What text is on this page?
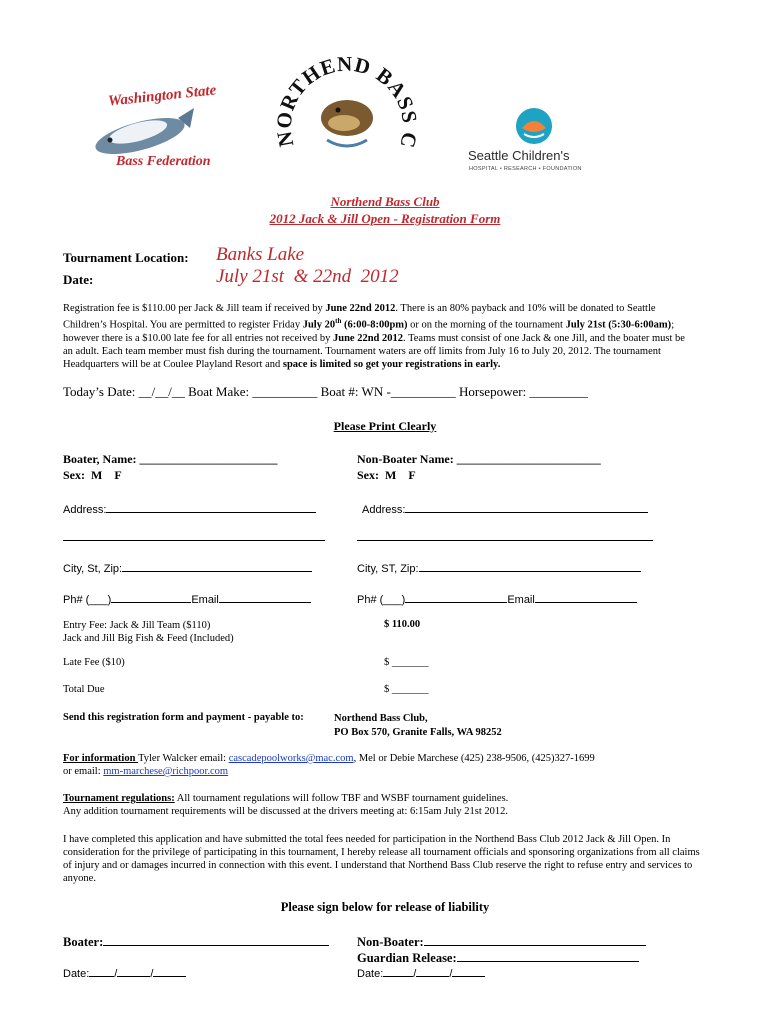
Washington State
Bass Federation
NORTHEND BASS C
Seattle Children's
HOSPITAL • RESEARCH • FOUNDATION
Northend Bass Club
2012 Jack & Jill Open - Registration Form
Tournament Location: Banks Lake
Date:	July 21st  & 22nd  2012
Registration fee is $110.00 per Jack & Jill team if received by June 22nd 2012. There is an 80% payback and 10% will be donated to Seattle Children’s Hospital. You are permitted to register Friday July 20th (6:00-8:00pm) or on the morning of the tournament July 21st (5:30-6:00am); however there is a $10.00 late fee for all entries not received by June 22nd 2012. Teams must consist of one Jack & one Jill, and the boater must be an adult. Each team member must fish during the tournament. Tournament waters are off limits from July 16 to July 20, 2012. The tournament Headquarters will be at Coulee Playland Resort and space is limited so get your registrations in early.
Today’s Date: __/__/__ Boat Make: __________ Boat #: WN -__________ Horsepower: _________
Please Print Clearly
Boater, Name: _______________________
Sex:  M    F
Address:
City, St, Zip:
Ph# (___)	Email
Non-Boater Name: ________________________
Sex:  M    F
Address:
City, ST, Zip:
Ph# (___)	Email
Entry Fee: Jack & Jill Team ($110)
Jack and Jill Big Fish & Feed (Included)
$ 110.00
Late Fee ($10)	$ _______
Total Due	$ _______
Send this registration form and payment - payable to:	Northend Bass Club,
PO Box 570, Granite Falls, WA 98252
For information Tyler Walcker email: cascadepoolworks@mac.com, Mel or Debie Marchese (425) 238-9506, (425)327-1699
or email: mm-marchese@richpoor.com
Tournament regulations: All tournament regulations will follow TBF and WSBF tournament guidelines.
Any addition tournament requirements will be discussed at the drivers meeting at: 6:15am July 21st 2012.
I have completed this application and have submitted the total fees needed for participation in the Northend Bass Club 2012 Jack & Jill Open. In consideration for the privilege of participating in this tournament, I hereby release all tournament officials and sponsoring organizations from all claims of injury and or damages incurred in connection with this event. I understand that Northend Bass Club reserve the right to refuse entry and services to anyone.
Please sign below for release of liability
Boater:
Date: /	/
Non-Boater:
Guardian Release:
Date:	/	/
